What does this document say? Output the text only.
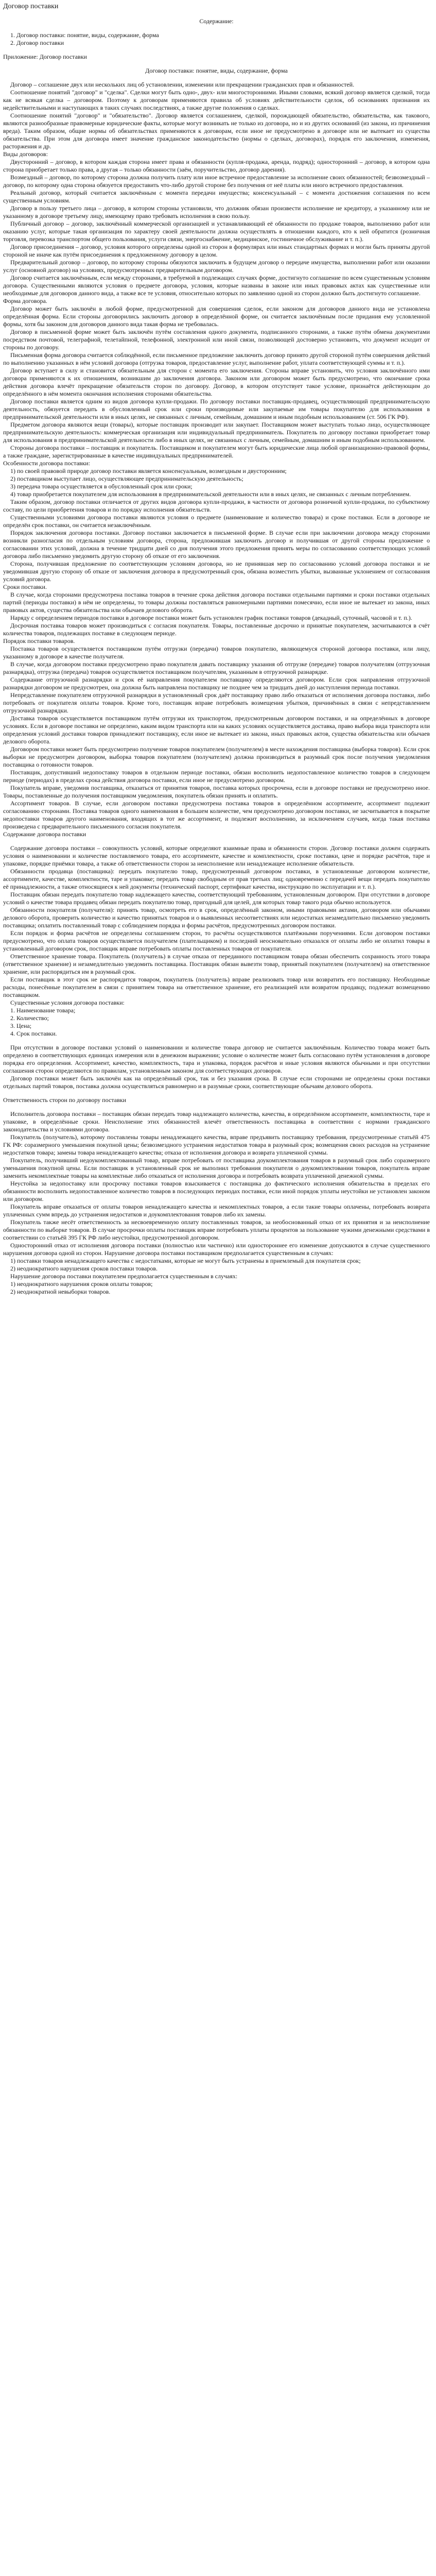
Договор поставки

Содержание:

1. Договор поставки: понятие, виды, содержание, форма

2. Договор поставки

Приложение: Договор поставки

Договор поставки: понятие, виды, содержание, форма

Договор – соглашение двух или нескольких лиц об установлении, изменении или прекращении гражданских прав и обязанностей.

Соотношение понятий "договор" и "сделка". Сделки могут быть одно-, двух- или многосторонними. Иными словами, всякий договор является сделкой, тогда как не всякая сделка – договором. Поэтому к договорам применяются правила об условиях действительности сделок, об основаниях признания их недействительными и наступающих в таких случаях последствиях, а также другие положения о сделках.

Соотношение понятий "договор" и "обязательство". Договор является соглашением, сделкой, порождающей обязательство, обязательства, как такового, являются разнообразные правомерные юридические факты, которые могут возникать не только из договора, но и из других оснований (из закона, из причинения вреда). Таким образом, общие нормы об обязательствах применяются к договорам, если иное не предусмотрено в договоре или не вытекает из существа обязательства. При этом для договора имеет значение гражданское законодательство (нормы о сделках, договорах), порядок его заключения, изменения, расторжения и др.

Виды договоров:

Двусторонний – договор, в котором каждая сторона имеет права и обязанности (купля-продажа, аренда, подряд); односторонний – договор, в котором одна сторона приобретает только права, а другая – только обязанности (заём, поручительство, договор дарения).

Возмездный – договор, по которому сторона должна получить плату или иное встречное предоставление за исполнение своих обязанностей; безвозмездный – договор, по которому одна сторона обязуется предоставить что-либо другой стороне без получения от неё платы или иного встречного предоставления.

Реальный договор, который считается заключённым с момента передачи имущества; консенсуальный – с момента достижения соглашения по всем существенным условиям.

Договор в пользу третьего лица – договор, в котором стороны установили, что должник обязан произвести исполнение не кредитору, а указанному или не указанному в договоре третьему лицу, имеющему право требовать исполнения в свою пользу.

Публичный договор – договор, заключённый коммерческой организацией и устанавливающий её обязанности по продаже товаров, выполнению работ или оказанию услуг, которые такая организация по характеру своей деятельности должна осуществлять в отношении каждого, кто к ней обратится (розничная торговля, перевозка транспортом общего пользования, услуги связи, энергоснабжение, медицинское, гостиничное обслуживание и т. п.).

Договор присоединения – договор, условия которого определены одной из сторон в формулярах или иных стандартных формах и могли быть приняты другой стороной не иначе как путём присоединения к предложенному договору в целом.

Предварительный договор – договор, по которому стороны обязуются заключить в будущем договор о передаче имущества, выполнении работ или оказании услуг (основной договор) на условиях, предусмотренных предварительным договором.

Договор считается заключённым, если между сторонами, в требуемой в подлежащих случаях форме, достигнуто соглашение по всем существенным условиям договора. Существенными являются условия о предмете договора, условия, которые названы в законе или иных правовых актах как существенные или необходимые для договоров данного вида, а также все те условия, относительно которых по заявлению одной из сторон должно быть достигнуто соглашение.

Форма договора.

Договор может быть заключён в любой форме, предусмотренной для совершения сделок, если законом для договоров данного вида не установлена определённая форма. Если стороны договорились заключить договор в определённой форме, он считается заключённым после придания ему условленной формы, хотя бы законом для договоров данного вида такая форма не требовалась.

Договор в письменной форме может быть заключён путём составления одного документа, подписанного сторонами, а также путём обмена документами посредством почтовой, телеграфной, телетайпной, телефонной, электронной или иной связи, позволяющей достоверно установить, что документ исходит от стороны по договору.

Письменная форма договора считается соблюдённой, если письменное предложение заключить договор принято другой стороной путём совершения действий по выполнению указанных в нём условий договора (отгрузка товаров, предоставление услуг, выполнение работ, уплата соответствующей суммы и т. п.).

Договор вступает в силу и становится обязательным для сторон с момента его заключения. Стороны вправе установить, что условия заключённого ими договора применяются к их отношениям, возникшим до заключения договора. Законом или договором может быть предусмотрено, что окончание срока действия договора влечёт прекращение обязательств сторон по договору. Договор, в котором отсутствует такое условие, признаётся действующим до определённого в нём момента окончания исполнения сторонами обязательства.

Договор поставки является одним из видов договора купли-продажи. По договору поставки поставщик-продавец, осуществляющий предпринимательскую деятельность, обязуется передать в обусловленный срок или сроки производимые или закупаемые им товары покупателю для использования в предпринимательской деятельности или в иных целях, не связанных с личным, семейным, домашним и иным подобным использованием (ст. 506 ГК РФ).

Предметом договора являются вещи (товары), которые поставщик производит или закупает. Поставщиком может выступать только лицо, осуществляющее предпринимательскую деятельность: коммерческая организация или индивидуальный предприниматель. Покупатель по договору поставки приобретает товар для использования в предпринимательской деятельности либо в иных целях, не связанных с личным, семейным, домашним и иным подобным использованием.

Стороны договора поставки – поставщик и покупатель. Поставщиком и покупателем могут быть юридические лица любой организационно-правовой формы, а также граждане, зарегистрированные в качестве индивидуальных предпринимателей.

Особенности договора поставки:

1) по своей правовой природе договор поставки является консенсуальным, возмездным и двусторонним;

2) поставщиком выступает лицо, осуществляющее предпринимательскую деятельность;

3) передача товара осуществляется в обусловленный срок или сроки;

4) товар приобретается покупателем для использования в предпринимательской деятельности или в иных целях, не связанных с личным потреблением.

Таким образом, договор поставки отличается от других видов договора купли-продажи, в частности от договора розничной купли-продажи, по субъектному составу, по цели приобретения товаров и по порядку исполнения обязательств.

Существенными условиями договора поставки являются условия о предмете (наименование и количество товара) и сроке поставки. Если в договоре не определён срок поставки, он считается незаключённым.

Порядок заключения договора поставки. Договор поставки заключается в письменной форме. В случае если при заключении договора между сторонами возникли разногласия по отдельным условиям договора, сторона, предложившая заключить договор и получившая от другой стороны предложение о согласовании этих условий, должна в течение тридцати дней со дня получения этого предложения принять меры по согласованию соответствующих условий договора либо письменно уведомить другую сторону об отказе от его заключения.

Сторона, получившая предложение по соответствующим условиям договора, но не принявшая мер по согласованию условий договора поставки и не уведомившая другую сторону об отказе от заключения договора в предусмотренный срок, обязана возместить убытки, вызванные уклонением от согласования условий договора.

Сроки поставки.

В случае, когда сторонами предусмотрена поставка товаров в течение срока действия договора поставки отдельными партиями и сроки поставки отдельных партий (периоды поставки) в нём не определены, то товары должны поставляться равномерными партиями помесячно, если иное не вытекает из закона, иных правовых актов, существа обязательства или обычаев делового оборота.

Наряду с определением периодов поставки в договоре поставки может быть установлен график поставки товаров (декадный, суточный, часовой и т. п.).

Досрочная поставка товаров может производиться с согласия покупателя. Товары, поставленные досрочно и принятые покупателем, засчитываются в счёт количества товаров, подлежащих поставке в следующем периоде.

Порядок поставки товаров.

Поставка товаров осуществляется поставщиком путём отгрузки (передачи) товаров покупателю, являющемуся стороной договора поставки, или лицу, указанному в договоре в качестве получателя.

В случае, когда договором поставки предусмотрено право покупателя давать поставщику указания об отгрузке (передаче) товаров получателям (отгрузочная разнарядка), отгрузка (передача) товаров осуществляется поставщиком получателям, указанным в отгрузочной разнарядке.

Содержание отгрузочной разнарядки и срок её направления покупателем поставщику определяются договором. Если срок направления отгрузочной разнарядки договором не предусмотрен, она должна быть направлена поставщику не позднее чем за тридцать дней до наступления периода поставки.

Непредставление покупателем отгрузочной разнарядки в установленный срок даёт поставщику право либо отказаться от исполнения договора поставки, либо потребовать от покупателя оплаты товаров. Кроме того, поставщик вправе потребовать возмещения убытков, причинённых в связи с непредставлением отгрузочной разнарядки.

Доставка товаров осуществляется поставщиком путём отгрузки их транспортом, предусмотренным договором поставки, и на определённых в договоре условиях. Если в договоре поставки не определено, каким видом транспорта или на каких условиях осуществляется доставка, право выбора вида транспорта или определения условий доставки товаров принадлежит поставщику, если иное не вытекает из закона, иных правовых актов, существа обязательства или обычаев делового оборота.

Договором поставки может быть предусмотрено получение товаров покупателем (получателем) в месте нахождения поставщика (выборка товаров). Если срок выборки не предусмотрен договором, выборка товаров покупателем (получателем) должна производиться в разумный срок после получения уведомления поставщика о готовности товаров.

Поставщик, допустивший недопоставку товаров в отдельном периоде поставки, обязан восполнить недопоставленное количество товаров в следующем периоде (периодах) в пределах срока действия договора поставки, если иное не предусмотрено договором.

Покупатель вправе, уведомив поставщика, отказаться от принятия товаров, поставка которых просрочена, если в договоре поставки не предусмотрено иное. Товары, поставленные до получения поставщиком уведомления, покупатель обязан принять и оплатить.

Ассортимент товаров. В случае, если договором поставки предусмотрена поставка товаров в определённом ассортименте, ассортимент подлежит согласованию сторонами. Поставка товаров одного наименования в большем количестве, чем предусмотрено договором поставки, не засчитывается в покрытие недопоставки товаров другого наименования, входящих в тот же ассортимент, и подлежит восполнению, за исключением случаев, когда такая поставка произведена с предварительного письменного согласия покупателя.

Содержание договора поставки

Содержание договора поставки – совокупность условий, которые определяют взаимные права и обязанности сторон. Договор поставки должен содержать условия о наименовании и количестве поставляемого товара, его ассортименте, качестве и комплектности, сроке поставки, цене и порядке расчётов, таре и упаковке, порядке приёмки товара, а также об ответственности сторон за неисполнение или ненадлежащее исполнение обязательств.

Обязанности продавца (поставщика): передать покупателю товар, предусмотренный договором поставки, в установленные договором количестве, ассортименте, качестве, комплектности, таре и упаковке; передать товар свободным от прав третьих лиц; одновременно с передачей вещи передать покупателю её принадлежности, а также относящиеся к ней документы (технический паспорт, сертификат качества, инструкцию по эксплуатации и т. п.).

Поставщик обязан передать покупателю товар надлежащего качества, соответствующий требованиям, установленным договором. При отсутствии в договоре условий о качестве товара продавец обязан передать покупателю товар, пригодный для целей, для которых товар такого рода обычно используется.

Обязанности покупателя (получателя): принять товар, осмотреть его в срок, определённый законом, иными правовыми актами, договором или обычаями делового оборота, проверить количество и качество принятых товаров и о выявленных несоответствиях или недостатках незамедлительно письменно уведомить поставщика; оплатить поставленный товар с соблюдением порядка и формы расчётов, предусмотренных договором поставки.

Если порядок и форма расчётов не определены соглашением сторон, то расчёты осуществляются платёжными поручениями. Если договором поставки предусмотрено, что оплата товаров осуществляется получателем (плательщиком) и последний неосновательно отказался от оплаты либо не оплатил товары в установленный договором срок, поставщик вправе потребовать оплаты поставленных товаров от покупателя.

Ответственное хранение товара. Покупатель (получатель) в случае отказа от переданного поставщиком товара обязан обеспечить сохранность этого товара (ответственное хранение) и незамедлительно уведомить поставщика. Поставщик обязан вывезти товар, принятый покупателем (получателем) на ответственное хранение, или распорядиться им в разумный срок.

Если поставщик в этот срок не распорядится товаром, покупатель (получатель) вправе реализовать товар или возвратить его поставщику. Необходимые расходы, понесённые покупателем в связи с принятием товара на ответственное хранение, его реализацией или возвратом продавцу, подлежат возмещению поставщиком.

Существенные условия договора поставки:

1. Наименование товара;

2. Количество;

3. Цена;

4. Срок поставки.

При отсутствии в договоре поставки условий о наименовании и количестве товара договор не считается заключённым. Количество товара может быть определено в соответствующих единицах измерения или в денежном выражении; условие о количестве может быть согласовано путём установления в договоре порядка его определения. Ассортимент, качество, комплектность, тара и упаковка, порядок расчётов и иные условия являются обычными и при отсутствии соглашения сторон определяются по правилам, установленным законом для соответствующих договоров.

Договор поставки может быть заключён как на определённый срок, так и без указания срока. В случае если сторонами не определены сроки поставки отдельных партий товаров, поставка должна осуществляться равномерно и в разумные сроки, соответствующие обычаям делового оборота.

Ответственность сторон по договору поставки

Исполнитель договора поставки – поставщик обязан передать товар надлежащего количества, качества, в определённом ассортименте, комплектности, таре и упаковке, в определённые сроки. Неисполнение этих обязанностей влечёт ответственность поставщика в соответствии с нормами гражданского законодательства и условиями договора.

Покупатель (получатель), которому поставлены товары ненадлежащего качества, вправе предъявить поставщику требования, предусмотренные статьёй 475 ГК РФ: соразмерного уменьшения покупной цены; безвозмездного устранения недостатков товара в разумный срок; возмещения своих расходов на устранение недостатков товара; замены товара ненадлежащего качества; отказа от исполнения договора и возврата уплаченной суммы.

Покупатель, получивший недоукомплектованный товар, вправе потребовать от поставщика доукомплектования товаров в разумный срок либо соразмерного уменьшения покупной цены. Если поставщик в установленный срок не выполнил требования покупателя о доукомплектовании товаров, покупатель вправе заменить некомплектные товары на комплектные либо отказаться от исполнения договора и потребовать возврата уплаченной денежной суммы.

Неустойка за недопоставку или просрочку поставки товаров взыскивается с поставщика до фактического исполнения обязательства в пределах его обязанности восполнить недопоставленное количество товаров в последующих периодах поставки, если иной порядок уплаты неустойки не установлен законом или договором.

Покупатель вправе отказаться от оплаты товаров ненадлежащего качества и некомплектных товаров, а если такие товары оплачены, потребовать возврата уплаченных сумм впредь до устранения недостатков и доукомплектования товаров либо их замены.

Покупатель также несёт ответственность за несвоевременную оплату поставленных товаров, за необоснованный отказ от их принятия и за неисполнение обязанности по выборке товаров. В случае просрочки оплаты поставщик вправе потребовать уплаты процентов за пользование чужими денежными средствами в соответствии со статьёй 395 ГК РФ либо неустойки, предусмотренной договором.

Односторонний отказ от исполнения договора поставки (полностью или частично) или одностороннее его изменение допускаются в случае существенного нарушения договора одной из сторон. Нарушение договора поставки поставщиком предполагается существенным в случаях:

1) поставки товаров ненадлежащего качества с недостатками, которые не могут быть устранены в приемлемый для покупателя срок;

2) неоднократного нарушения сроков поставки товаров.

Нарушение договора поставки покупателем предполагается существенным в случаях:

1) неоднократного нарушения сроков оплаты товаров;

2) неоднократной невыборки товаров.
